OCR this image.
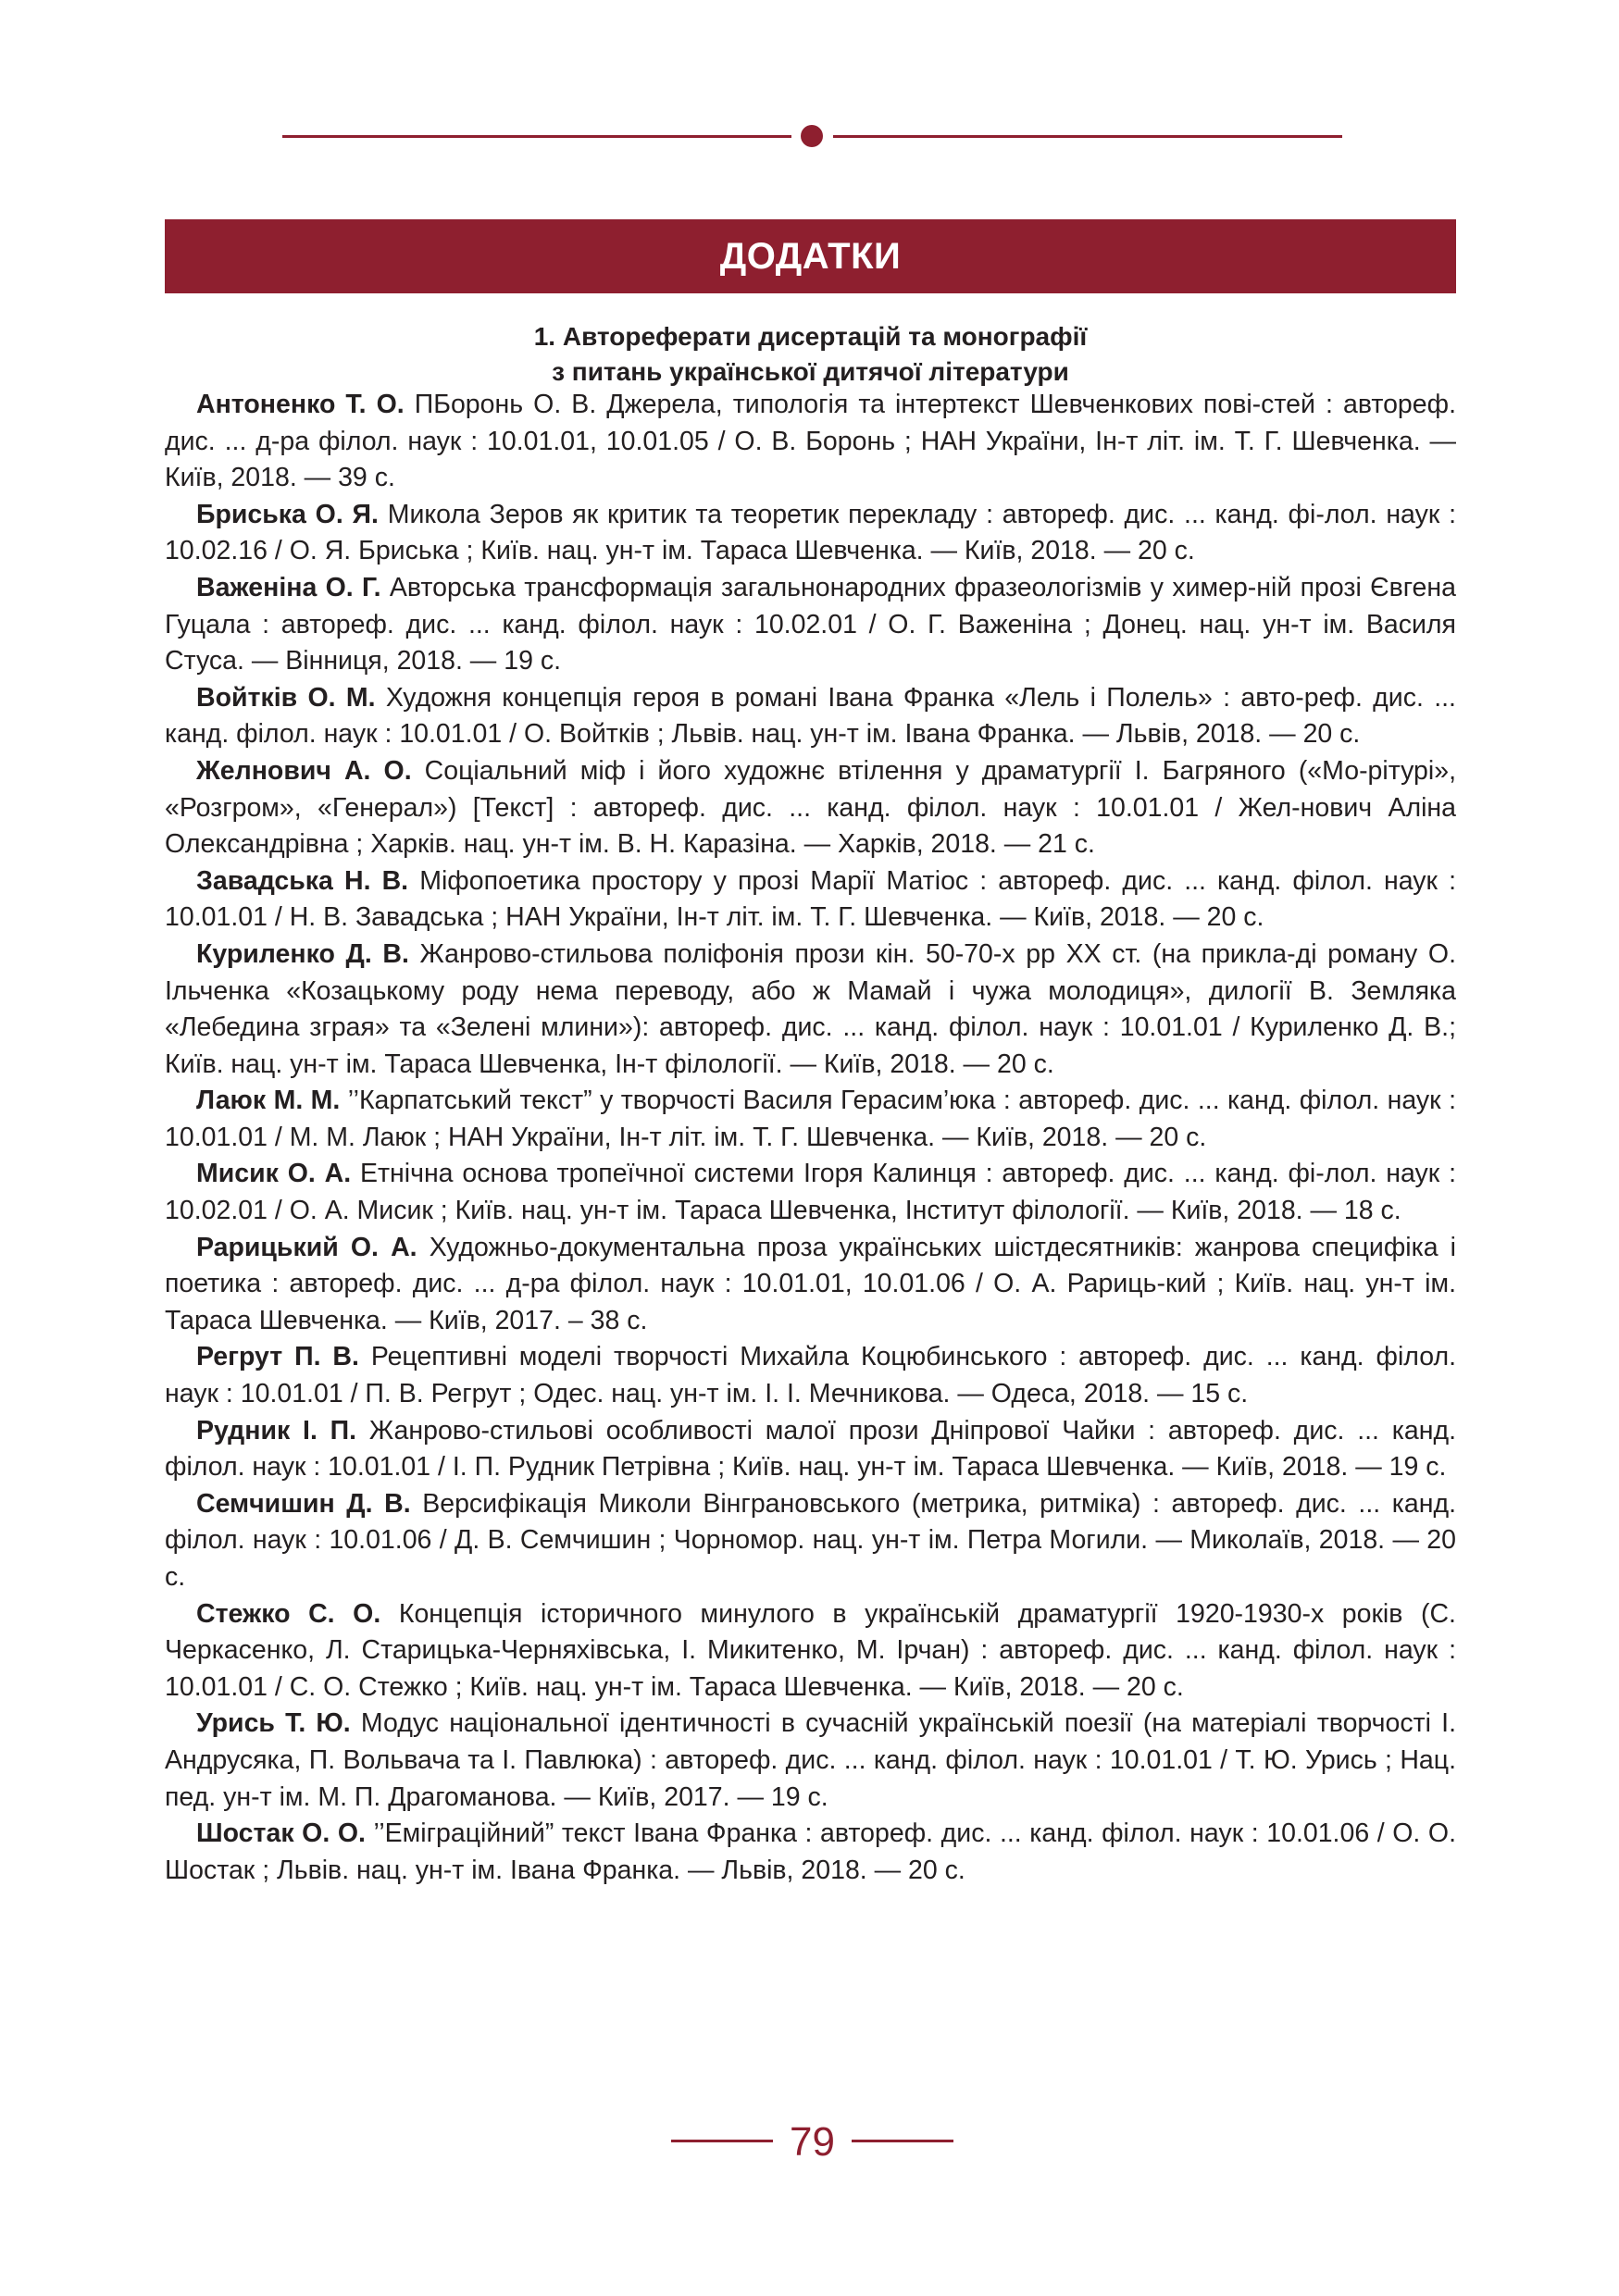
ДОДАТКИ
1. Автореферати дисертацій та монографії
з питань української дитячої літератури

Антоненко Т. О. ПБоронь О. В. Джерела, типологія та інтертекст Шевченкових пові-стей : автореф. дис. ... д-ра філол. наук : 10.01.01, 10.01.05 / О. В. Боронь ; НАН України, Ін-т літ. ім. Т. Г. Шевченка. — Київ, 2018. — 39 с.

Бриська О. Я. Микола Зеров як критик та теоретик перекладу : автореф. дис. ... канд. фі-лол. наук : 10.02.16 / О. Я. Бриська ; Київ. нац. ун-т ім. Тараса Шевченка. — Київ, 2018. — 20 с.

Важеніна О. Г. Авторська трансформація загальнонародних фразеологізмів у химер-ній прозі Євгена Гуцала : автореф. дис. ... канд. філол. наук : 10.02.01 / О. Г. Важеніна ; Донец. нац. ун-т ім. Василя Стуса. — Вінниця, 2018. — 19 с.

Войтків О. М. Художня концепція героя в романі Івана Франка «Лель і Полель» : авто-реф. дис. ... канд. філол. наук : 10.01.01 / О. Войтків ; Львів. нац. ун-т ім. Івана Франка. — Львів, 2018. — 20 с.

Желнович А. О. Соціальний міф і його художнє втілення у драматургії І. Багряного («Мо-рітурі», «Розгром», «Генерал») [Текст] : автореф. дис. ... канд. філол. наук : 10.01.01 / Жел-нович Аліна Олександрівна ; Харків. нац. ун-т ім. В. Н. Каразіна. — Харків, 2018. — 21 с.

Завадська Н. В. Міфопоетика простору у прозі Марії Матіос : автореф. дис. ... канд. філол. наук : 10.01.01 / Н. В. Завадська ; НАН України, Ін-т літ. ім. Т. Г. Шевченка. — Київ, 2018. — 20 с.

Куриленко Д. В. Жанрово-стильова поліфонія прози кін. 50-70-х рр XX ст. (на прикла-ді роману О. Ільченка «Козацькому роду нема переводу, або ж Мамай і чужа молодиця», дилогії В. Земляка «Лебедина зграя» та «Зелені млини»): автореф. дис. ... канд. філол. наук : 10.01.01 / Куриленко Д. В.; Київ. нац. ун-т ім. Тараса Шевченка, Ін-т філології. — Київ, 2018. — 20 с.

Лаюк М. М. ’’Карпатський текст” у творчості Василя Герасим’юка : автореф. дис. ... канд. філол. наук : 10.01.01 / М. М. Лаюк ; НАН України, Ін-т літ. ім. Т. Г. Шевченка. — Київ, 2018. — 20 с.

Мисик О. А. Етнічна основа тропеїчної системи Ігоря Калинця : автореф. дис. ... канд. фі-лол. наук : 10.02.01 / О. А. Мисик ; Київ. нац. ун-т ім. Тараса Шевченка, Інститут філології. — Київ, 2018. — 18 с.

Рарицький О. А. Художньо-документальна проза українських шістдесятників: жанрова специфіка і поетика : автореф. дис. ... д-ра філол. наук : 10.01.01, 10.01.06 / О. А. Рариць-кий ; Київ. нац. ун-т ім. Тараса Шевченка. — Київ, 2017. – 38 с.

Регрут П. В. Рецептивні моделі творчості Михайла Коцюбинського : автореф. дис. ... канд. філол. наук : 10.01.01 / П. В. Регрут ; Одес. нац. ун-т ім. І. І. Мечникова. — Одеса, 2018. — 15 с.

Рудник І. П. Жанрово-стильові особливості малої прози Дніпрової Чайки : автореф. дис. ... канд. філол. наук : 10.01.01 / І. П. Рудник Петрівна ; Київ. нац. ун-т ім. Тараса Шевченка. — Київ, 2018. — 19 с.

Семчишин Д. В. Версифікація Миколи Вінграновського (метрика, ритміка) : автореф. дис. ... канд. філол. наук : 10.01.06 / Д. В. Семчишин ; Чорномор. нац. ун-т ім. Петра Могили. — Миколаїв, 2018. — 20 с.

Стежко С. О. Концепція історичного минулого в українській драматургії 1920-1930-х років (С. Черкасенко, Л. Старицька-Черняхівська, І. Микитенко, М. Ірчан) : автореф. дис. ... канд. філол. наук : 10.01.01 / С. О. Стежко ; Київ. нац. ун-т ім. Тараса Шевченка. — Київ, 2018. — 20 с.

Урись Т. Ю. Модус національної ідентичності в сучасній українській поезії (на матеріалі творчості І. Андрусяка, П. Вольвача та І. Павлюка) : автореф. дис. ... канд. філол. наук : 10.01.01 / Т. Ю. Урись ; Нац. пед. ун-т ім. М. П. Драгоманова. — Київ, 2017. — 19 с.

Шостак О. О. ’’Еміграційний” текст Івана Франка : автореф. дис. ... канд. філол. наук : 10.01.06 / О. О. Шостак ; Львів. нац. ун-т ім. Івана Франка. — Львів, 2018. — 20 с.

79
